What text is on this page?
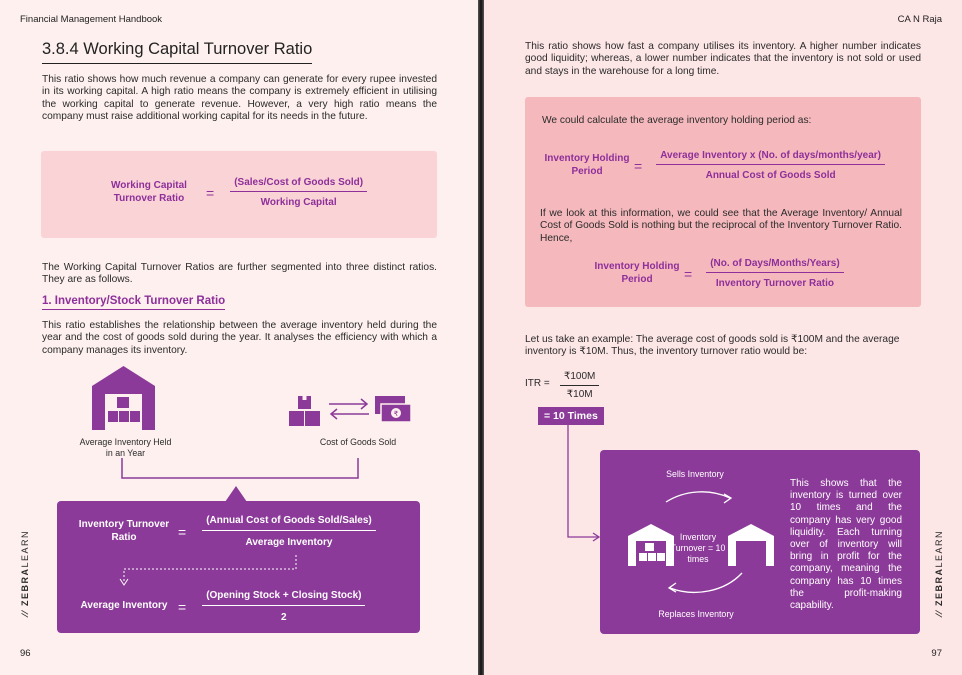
Financial Management Handbook
3.8.4 Working Capital Turnover Ratio

This ratio shows how much revenue a company can generate for every rupee invested in its working capital. A high ratio means the company is extremely efficient in utilising the working capital to generate revenue. However, a very high ratio means the company must raise additional working capital for its needs in the future.

Working Capital Turnover Ratio	= $\frac{\text{(Sales/Cost of Goods Sold)}}{\text{Working Capital}}$

The Working Capital Turnover Ratios are further segmented into three distinct ratios. They are as follows.

1. Inventory/Stock Turnover Ratio

This ratio establishes the relationship between the average inventory held during the year and the cost of goods sold during the year. It analyses the efficiency with which a company manages its inventory.

Average Inventory Held in an Year
₹
Cost of Goods Sold
Inventory Turnover Ratio	= $\frac{\text{(Annual Cost of Goods Sold/Sales)}}{\text{Average Inventory}}$
Average Inventory = $\frac{\text{(Opening Stock + Closing Stock)}}{2}$
⁄⁄ ZEBRALEARN
96
CA N Raja

This ratio shows how fast a company utilises its inventory. A higher number indicates good liquidity; whereas, a lower number indicates that the inventory is not sold or used and stays in the warehouse for a long time.

We could calculate the average inventory holding period as:

Inventory Holding Period	= $\frac{\text{Average Inventory x (No. of days/months/year)}}{\text{Annual Cost of Goods Sold}}$

If we look at this information, we could see that the Average Inventory/ Annual Cost of Goods Sold is nothing but the reciprocal of the Inventory Turnover Ratio. Hence,

Inventory Holding Period	= $\frac{\text{(No. of Days/Months/Years)}}{\text{Inventory Turnover Ratio}}$

Let us take an example: The average cost of goods sold is ₹100M and the average inventory is ₹10M. Thus, the inventory turnover ratio would be:

ITR = $\frac{₹100M}{₹10M}$
Sells Inventory
Replaces Inventory
Inventory Turnover = 10 times

This shows that the inventory is turned over 10 times and the company has very good liquidity. Each turning over of inventory will bring in profit for the company, meaning the company has 10 times the profit-making capability.	⁄⁄ ZEBRALEARN
97
= 10 Times
